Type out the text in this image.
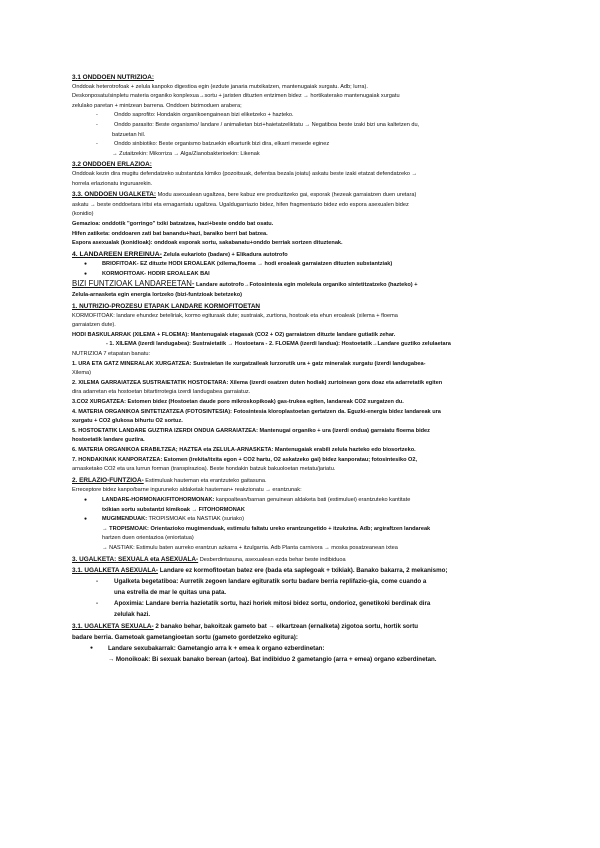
3.1 ONDDOEN NUTRIZIOA:

Onddoak heterotrofoak + zelula kanpoko digestioa egin (ezdute janaria mutxikatzen, mantenugaiak xurgatu. Adb; lurra).

Deskonposatu/sinpletu materia organiko konplexua→sortu + jaristen dituzten entzimen bidez → hortikaterako mantenugaiak xurgatu

zelulako paretan + mintzean barrena. Onddoen bizimoduen arabera;

- Onddo saprofito: Hondakin organikoengainean bizi eliketzeko + hazteko.

- Onddo parasito: Beste organismo/ landare / animalietan bizi+haietatzeliktatu → Negatiboa beste izaki bizi una kaltetzen du,

batzuetan hil.

- Onddo sinbiotiko: Beste organismo batzuekin elkarturik bizi dira, elkarri mesede eginez

→ Zutaitzekin: Mikorriza → Alga/Zianobakterioekin: Likenak

3.2 ONDDOEN ERLAZIOA:

Onddoak kezin dira mugitu defendatzeko substantzia kimiko (pozoitsuak, defentsa bezala joiatu) askatu beste izaki etatzat defendatzeko →

horrela erlazionatu inguruarekin.

3.3. ONDDOEN UGALKETA: Modu asexualean ugaltzea, bere kabuz ere produzitzeko gai, esporak (hezeak garraiatzen duen uretara)

askatu → beste onddoetara iritsi eta ernagarriatu ugaltzea. Ugaldugarriazio bidez, hifen fragmentazio bidez edo espora asexualen bidez

(konidio)

Gemazioa: onddotik "gorringo" txiki batzatzea, hazi+beste onddo bat osatu.

Hifen zatiketa: onddoaren zati bat banandu+hazi, baraiko berri bat batzea.

Espora asexualak (konidioak): onddoak esporak sortu, sakabanatu+onddo berriak sortzen dituztenak.

4. LANDAREEN ERREINUA- Zelula eukarioto (badare) + Elikadura autotrofo

● BRIOFITOAK- EZ dituzte HODI EROALEAK (xilema,floema → hodi eroaleak garraiatzen dituzten substantziak)

● KORMOFITOAK- HODIR EROALEAK BAI

BIZI FUNTZIOAK LANDAREETAN- Landare autotrofo→Fotosintesia egin molekula organiko sintetitzatzeko (hazteko) +

Zelula-arnasketa egin energia lortzeko (bizi-funtzioak betetzeko)

1. NUTRIZIO-PROZESU ETAPAK LANDARE KORMOFITOETAN

KORMOFITOAK: landare ehundez beteliriak, kormo egituraak dute; sustraiak, zurtiona, hostoak eta ehun eroaleak (xilema + floema

garraiatzen dute).

HODI BASKULARRAK (XILEMA + FLOEMA): Mantenugaiak etagasak (CO2 + O2) garraiatzen dituzte landare gutiatik zehar.

- 1. XILEMA (izerdi landugabea): Sustraietatik → Hostoetara - 2. FLOEMA (izerdi landua): Hostoetatik→Landare guztiko zelulaetara

NUTRIZIOA 7 etapatan banatu:

1. URA ETA GATZ MINERALAK XURGATZEA: Sustraietan ile xurgatzaileak lurzorutik ura + gatz mineralak xurgatu (izerdi landugabea-

Xilema)

2. XILEMA GARRAIATZEA SUSTRAIETATIK HOSTOETARA: Xilema (izerdi osatzen duten hodiak) zurtoinean gora doaz eta adarretatik egiten

dira adarretan eta hostoetan bitartirrotegia izerdi landugabea garraiatuz.

3.CO2 XURGATZEA: Estomen bidez (Hostoetan daude poro mikroskopikoak) gas-trukea egiten, landareak CO2 xurgatzen du.

4. MATERIA ORGANIKOA SINTETIZATZEA (FOTOSINTESIA): Fotosintesia kloroplastoetan gertatzen da. Eguzki-energia bidez landareak ura

xurgatu + CO2 glukosa bihurtu O2 sortuz.

5. HOSTOETATIK LANDARE GUZTIRA IZERDI ONDUA GARRAIATZEA: Mantenugai organiko + ura (izerdi ondua) garraiatu floema bidez

hostoetatik landare guztira.

6. MATERIA ORGANIKOA ERABILTZEA; HAZTEA eta ZELULA-ARNASKETA: Mantenugaiak erabili zelula hazteko edo biosortzeko.

7. HONDAKINAK KANPORATZEA: Estomen (irekita/itxita egon + CO2 hartu, O2 askatzeko gai) bidez kanporatau; fotosintesiko O2,

arnasketako CO2 eta ura lurrun forman (transpirazioa). Beste hondakin batzuk bakuoloetan metatu/jariatu.

2. ERLAZIO-FUNTZIOA- Estimuluak hauteman eta erantzuteko gaitasuna.

Erreceptore bidez kanpo/barne inguruneko aldaketak hauteman+ reakzionatu → erantzunak:

● LANDARE-HORMONAK/FITOHORMONAK: kanpoaltean/barnan genuinean aldaketa bati (estimuluei) erantzuteko kantitate

txikian sortu substantzi kimikoak → FITOHORMONAK

● MUGIMENDUAK: TROPISMOAK eta NASTIAK (suriako)

→ TROPISMOAK: Orientazioko mugimenduak, estimulu faltatu ureko erantzungetido + itzukzina. Adb; argiraftzen landareak

hartzen duen orientazioa (eniortatua)

→ NASTIAK: Estimulu baten aurreko erantzun azkarra + itzulgarria. Adb Planta carnivora → moska posatzeanean ixtea

3. UGALKETA: SEXUALA eta ASEXUALA- Desberdintasuna, asexualean ezda behar beste indibiduoa

3.1. UGALKETA ASEXUALA- Landare ez kormofitoetan batez ere (bada eta saplegoak + txikiak). Banako bakarra, 2 mekanismo;

- Ugalketa begetatiboa: Aurretik zegoen landare egituratik sortu badare berria replifazio-gia, come cuando a

una estrella de mar le quitas una pata.

- Apoximia: Landare berria hazietatik sortu, hazi horiek mitosi bidez sortu, ondorioz, genetikoki berdinak dira

zelulak hazi.

3.1. UGALKETA SEXUALA- 2 banako behar, bakoitzak gameto bat → elkartzean (ernalketa) zigotoa sortu, hortik sortu

badare berria. Gametoak gametangioetan sortu (gameto gordetzeko egitura):

● Landare sexubakarrak: Gametangio arra k + emea k organo ezberdinetan:

→ Monoikoak: Bi sexuak banako berean (artoa). Bat indibiduo 2 gametangio (arra + emea) organo ezberdinetan.
